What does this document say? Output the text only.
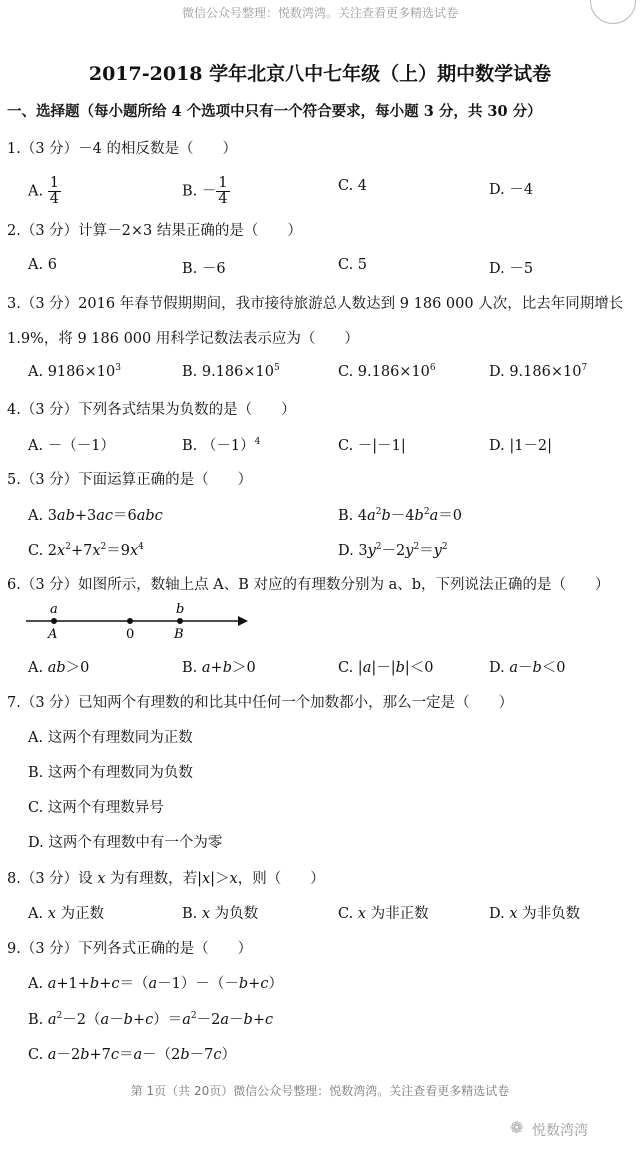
微信公众号整理：悦数湾湾。关注查看更多精选试卷
2017-2018 学年北京八中七年级（上）期中数学试卷
一、选择题（每小题所给 4 个选项中只有一个符合要求，每小题 3 分，共 30 分）
1.（3 分）－4 的相反数是（　　）
A. $\frac{1}{4}$	B. － $\frac{1}{4}$	C. 4	D. －4
2.（3 分）计算－2×3 结果正确的是（　　）
A. 6	B. －6	C. 5	D. －5
3.（3 分）2016 年春节假期期间，我市接待旅游总人数达到 9 186 000 人次，比去年同期增长
1.9%，将 9 186 000 用科学记数法表示应为（　　）
A. $9186\times 10^3$	B. $9.186\times 10^5$	C. $9.186\times 10^6$	D. $9.186\times 10^7$
4.（3 分）下列各式结果为负数的是（　　）
A. －（－1）	B. $(-1)^4$	C. －|－1|	D. |1－2|
5.（3 分）下面运算正确的是（　　）
A. 3ab+3ac＝6abc	B. $4a^2b-4b^2a=0$
C. $2x^2+7x^2=9x^4$	D. $3y^2-2y^2=y^2$
6.（3 分）如图所示，数轴上点 A、B 对应的有理数分别为 a、b，下列说法正确的是（　　）
a
A	0
b
B
A. ab＞0	B. a+b＞0	C. |a|－|b|＜0	D. a－b＜0
7.（3 分）已知两个有理数的和比其中任何一个加数都小，那么一定是（　　）
A. 这两个有理数同为正数
B. 这两个有理数同为负数
C. 这两个有理数异号
D. 这两个有理数中有一个为零
8.（3 分）设 x 为有理数，若|x|＞x，则（　　）
A. x 为正数	B. x 为负数	C. x 为非正数	D. x 为非负数
9.（3 分）下列各式正确的是（　　）
A. a+1+b+c＝（a－1）－（－b+c）
B. $a^2-2(a-b+c)=a^2-2a-b+c$
C. a－2b+7c＝a－（2b－7c）
第 1页（共 20页）微信公众号整理：悦数湾湾。关注查看更多精选试卷
❁ 悦数湾湾
